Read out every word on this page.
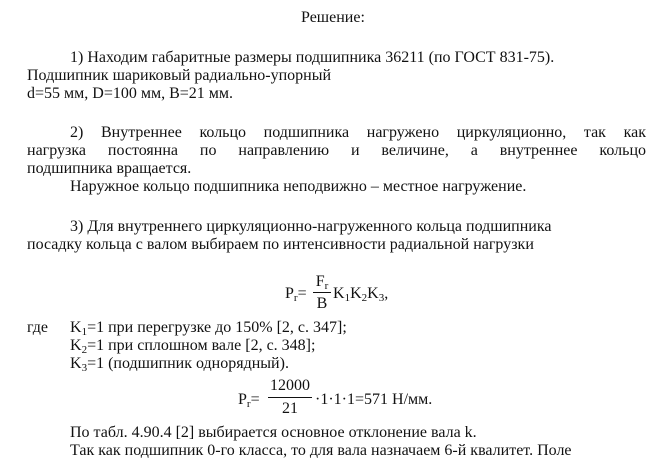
Решение:
1) Находим габаритные размеры подшипника 36211 (по ГОСТ 831-75).
Подшипник шариковый радиально-упорный
d=55 мм, D=100 мм, B=21 мм.
2) Внутреннее кольцо подшипника нагружено циркуляционно, так как
нагрузка постоянна по направлению и величине, а внутреннее кольцо
подшипника вращается.
Наружное кольцо подшипника неподвижно – местное нагружение.
3) Для внутреннего циркуляционно-нагруженного кольца подшипника
посадку кольца с валом выбираем по интенсивности радиальной нагрузки
$P_r=$
$F_r$
B
$K_1K_2K_3$,
где $K_1=1$ при перегрузке до 150% [2, с. 347];
$K_2=1$ при сплошном вале [2, с. 348];
$K_3=1$ (подшипник однорядный).
$P_r=$
12000
21
·1·1·1=571 Н/мм.
По табл. 4.90.4 [2] выбирается основное отклонение вала k.
Так как подшипник 0-го класса, то для вала назначаем 6-й квалитет. Поле
